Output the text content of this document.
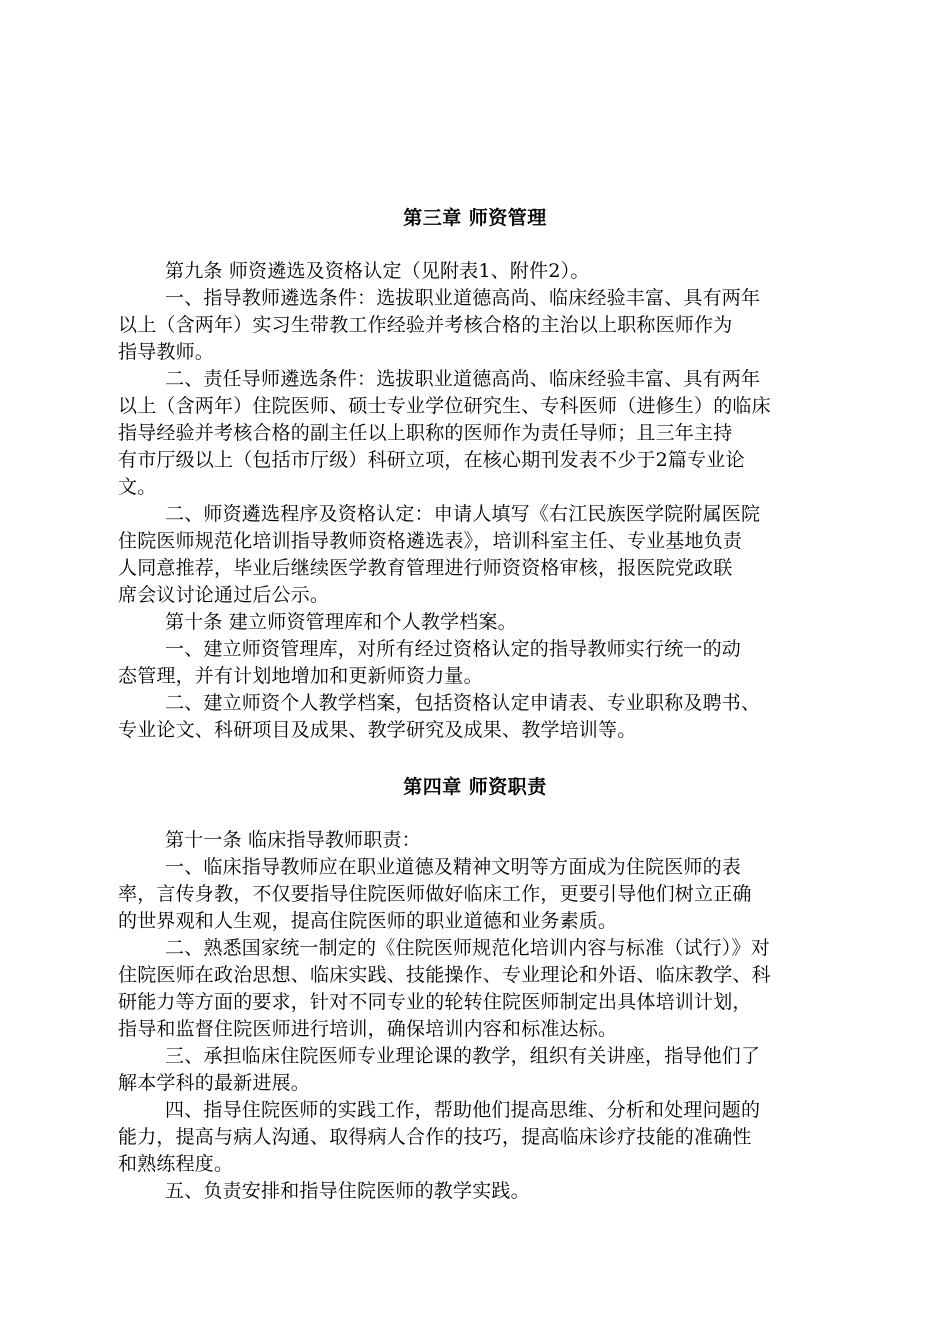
第三章 师资管理
第九条 师资遴选及资格认定（见附表1、附件2）。
一、指导教师遴选条件：选拔职业道德高尚、临床经验丰富、具有两年
以上（含两年）实习生带教工作经验并考核合格的主治以上职称医师作为
指导教师。
二、责任导师遴选条件：选拔职业道德高尚、临床经验丰富、具有两年
以上（含两年）住院医师、硕士专业学位研究生、专科医师（进修生）的临床
指导经验并考核合格的副主任以上职称的医师作为责任导师；且三年主持
有市厅级以上（包括市厅级）科研立项，在核心期刊发表不少于2篇专业论
文。
二、师资遴选程序及资格认定：申请人填写《右江民族医学院附属医院
住院医师规范化培训指导教师资格遴选表》，培训科室主任、专业基地负责
人同意推荐，毕业后继续医学教育管理进行师资资格审核，报医院党政联
席会议讨论通过后公示。
第十条 建立师资管理库和个人教学档案。
一、建立师资管理库，对所有经过资格认定的指导教师实行统一的动
态管理，并有计划地增加和更新师资力量。
二、建立师资个人教学档案，包括资格认定申请表、专业职称及聘书、
专业论文、科研项目及成果、教学研究及成果、教学培训等。
第四章 师资职责
第十一条 临床指导教师职责：
一、临床指导教师应在职业道德及精神文明等方面成为住院医师的表
率，言传身教，不仅要指导住院医师做好临床工作，更要引导他们树立正确
的世界观和人生观，提高住院医师的职业道德和业务素质。
二、熟悉国家统一制定的《住院医师规范化培训内容与标准（试行）》对
住院医师在政治思想、临床实践、技能操作、专业理论和外语、临床教学、科
研能力等方面的要求，针对不同专业的轮转住院医师制定出具体培训计划，
指导和监督住院医师进行培训，确保培训内容和标准达标。
三、承担临床住院医师专业理论课的教学，组织有关讲座，指导他们了
解本学科的最新进展。
四、指导住院医师的实践工作，帮助他们提高思维、分析和处理问题的
能力，提高与病人沟通、取得病人合作的技巧，提高临床诊疗技能的准确性
和熟练程度。
五、负责安排和指导住院医师的教学实践。
